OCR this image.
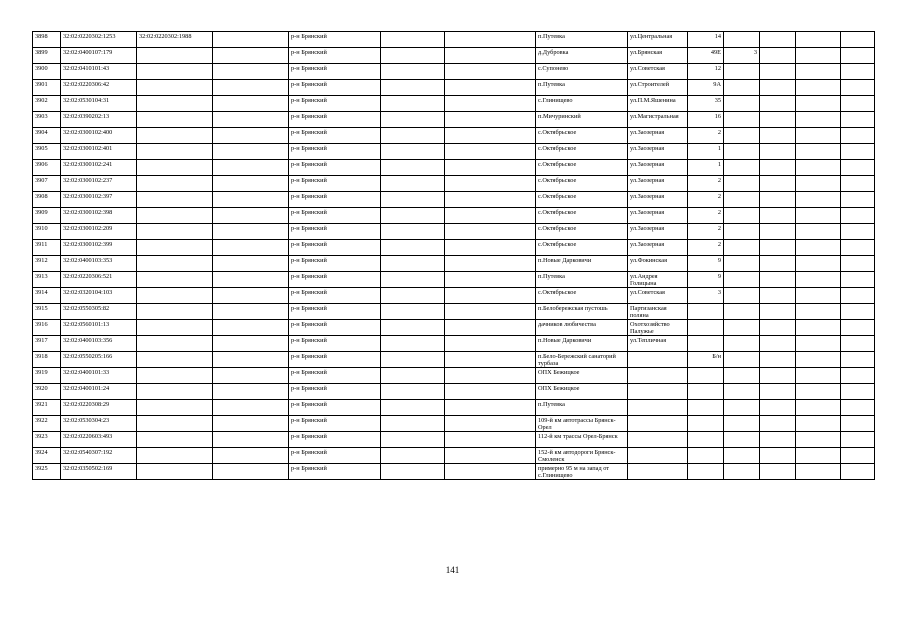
3898	32:02:0220302:1253	32:02:0220302:1988		р-н Брянский			п.Путевка	ул.Центральная	14				
3899	32:02:0400107:179			р-н Брянский			д.Дубровка	ул.Брянская	49Е	3			
3900	32:02:0410101:43			р-н Брянский			с.Супонево	ул.Советская	12				
3901	32:02:0220306:42			р-н Брянский			п.Путевка	ул.Строителей	9А				
3902	32:02:0530104:31			р-н Брянский			с.Глинищево	ул.П.М.Яшенина	35				
3903	32:02:0390202:13			р-н Брянский			п.Мичуринский	ул.Магистральная	16				
3904	32:02:0300102:400			р-н Брянский			с.Октябрьское	ул.Заозерная	2				
3905	32:02:0300102:401			р-н Брянский			с.Октябрьское	ул.Заозерная	1				
3906	32:02:0300102:241			р-н Брянский			с.Октябрьское	ул.Заозерная	1				
3907	32:02:0300102:237			р-н Брянский			с.Октябрьское	ул.Заозерная	2				
3908	32:02:0300102:397			р-н Брянский			с.Октябрьское	ул.Заозерная	2				
3909	32:02:0300102:398			р-н Брянский			с.Октябрьское	ул.Заозерная	2				
3910	32:02:0300102:209			р-н Брянский			с.Октябрьское	ул.Заозерная	2				
3911	32:02:0300102:399			р-н Брянский			с.Октябрьское	ул.Заозерная	2				
3912	32:02:0400103:353			р-н Брянский			п.Новые Дарковичи	ул.Фокинская	9				
3913	32:02:0220306:521			р-н Брянский			п.Путевка	ул.Андрея Голицына	9				
3914	32:02:0320104:103			р-н Брянский			с.Октябрьское	ул.Советская	3				
3915	32:02:0550305:82			р-н Брянский			п.Белобережская пустошь	Партизанская поляна					
3916	32:02:0560101:13			р-н Брянский			дачников любичества	Охотхозяйство Палужье					
3917	32:02:0400103:356			р-н Брянский			п.Новые Дарковичи	ул.Тепличная					
3918	32:02:0550205:166			р-н Брянский			п.Бело-Бережский санаторий турбаза		Б/н				
3919	32:02:0400101:33			р-н Брянский			ОПХ Бежицкое						
3920	32:02:0400101:24			р-н Брянский			ОПХ Бежицкое						
3921	32:02:0220308:29			р-н Брянский			п.Путевка						
3922	32:02:0530304:23			р-н Брянский			109-й км автотрассы Брянск-Орел						
3923	32:02:0220603:493			р-н Брянский			112-й км трассы Орел-Брянск						
3924	32:02:0540307:192			р-н Брянский			152-й км автодороги Брянск-Смоленск						
3925	32:02:0350502:169			р-н Брянский			примерно 95 м на запад от с.Глинищево						
141
